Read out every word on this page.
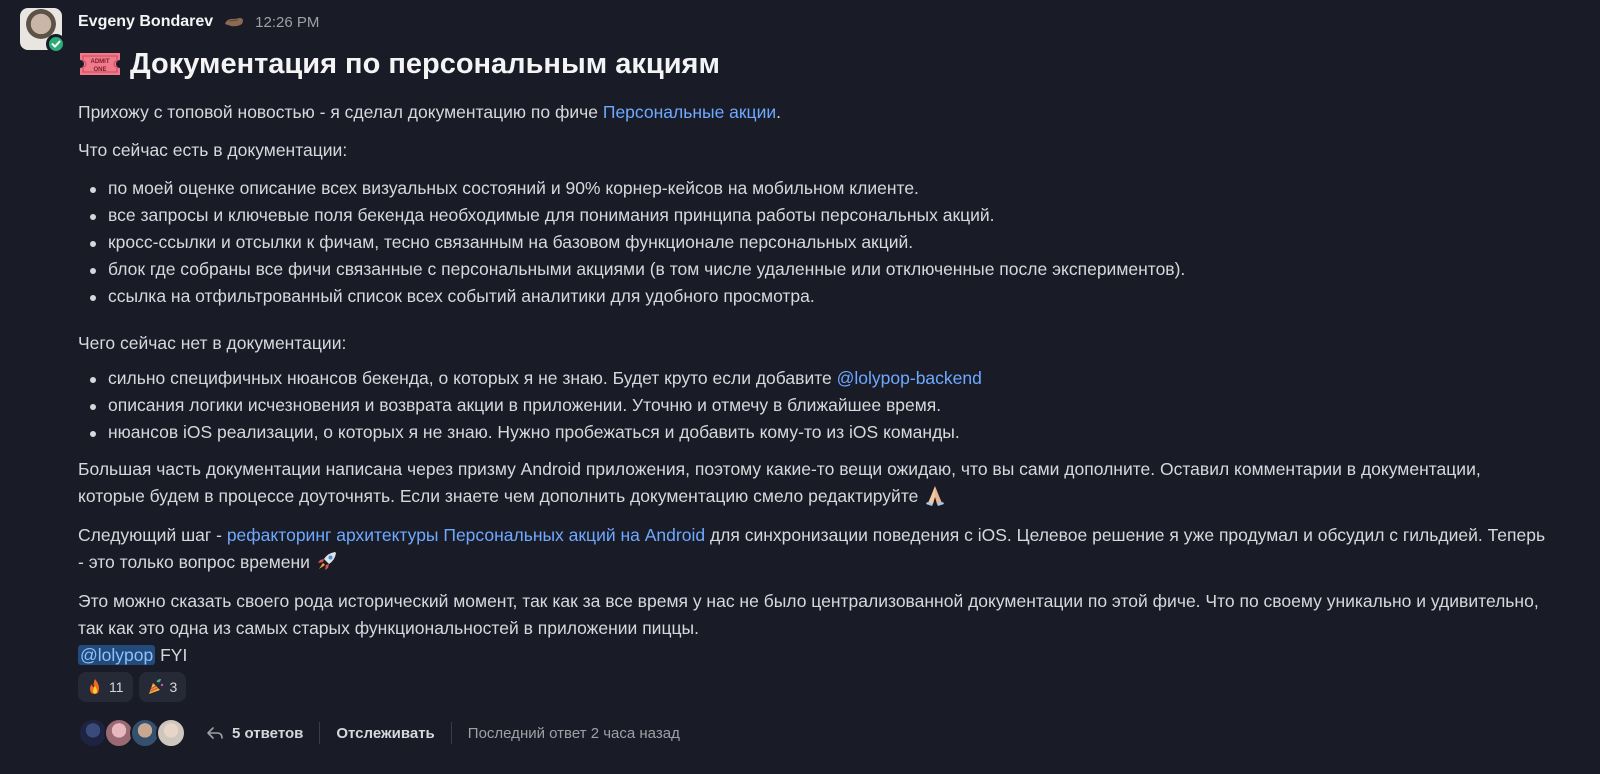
Evgeny Bondarev	12:26 PM
ADMIT
ONE Документация по персональным акциям

Прихожу с топовой новостью - я сделал документацию по фиче Персональные акции.

Что сейчас есть в документации:

по моей оценке описание всех визуальных состояний и 90% корнер-кейсов на мобильном клиенте.
все запросы и ключевые поля бекенда необходимые для понимания принципа работы персональных акций.
кросс-ссылки и отсылки к фичам, тесно связанным на базовом функционале персональных акций.
блок где собраны все фичи связанные с персональными акциями (в том числе удаленные или отключенные после экспериментов).
ссылка на отфильтрованный список всех событий аналитики для удобного просмотра.

Чего сейчас нет в документации:

сильно специфичных нюансов бекенда, о которых я не знаю. Будет круто если добавите @lolypop-backend
описания логики исчезновения и возврата акции в приложении. Уточню и отмечу в ближайшее время.
нюансов iOS реализации, о которых я не знаю. Нужно пробежаться и добавить кому-то из iOS команды.

Большая часть документации написана через призму Android приложения, поэтому какие-то вещи ожидаю, что вы сами дополните. Оставил комментарии в документации, которые будем в процессе доуточнять. Если знаете чем дополнить документацию смело редактируйте

Следующий шаг - рефакторинг архитектуры Персональных акций на Android для синхронизации поведения с iOS. Целевое решение я уже продумал и обсудил с гильдией. Теперь - это только вопрос времени

Это можно сказать своего рода исторический момент, так как за все время у нас не было централизованной документации по этой фиче. Что по своему уникально и удивительно, так как это одна из самых старых функциональностей в приложении пиццы.
@lolypop FYI

11	3
5 ответов Отслеживать Последний ответ 2 часа назад
